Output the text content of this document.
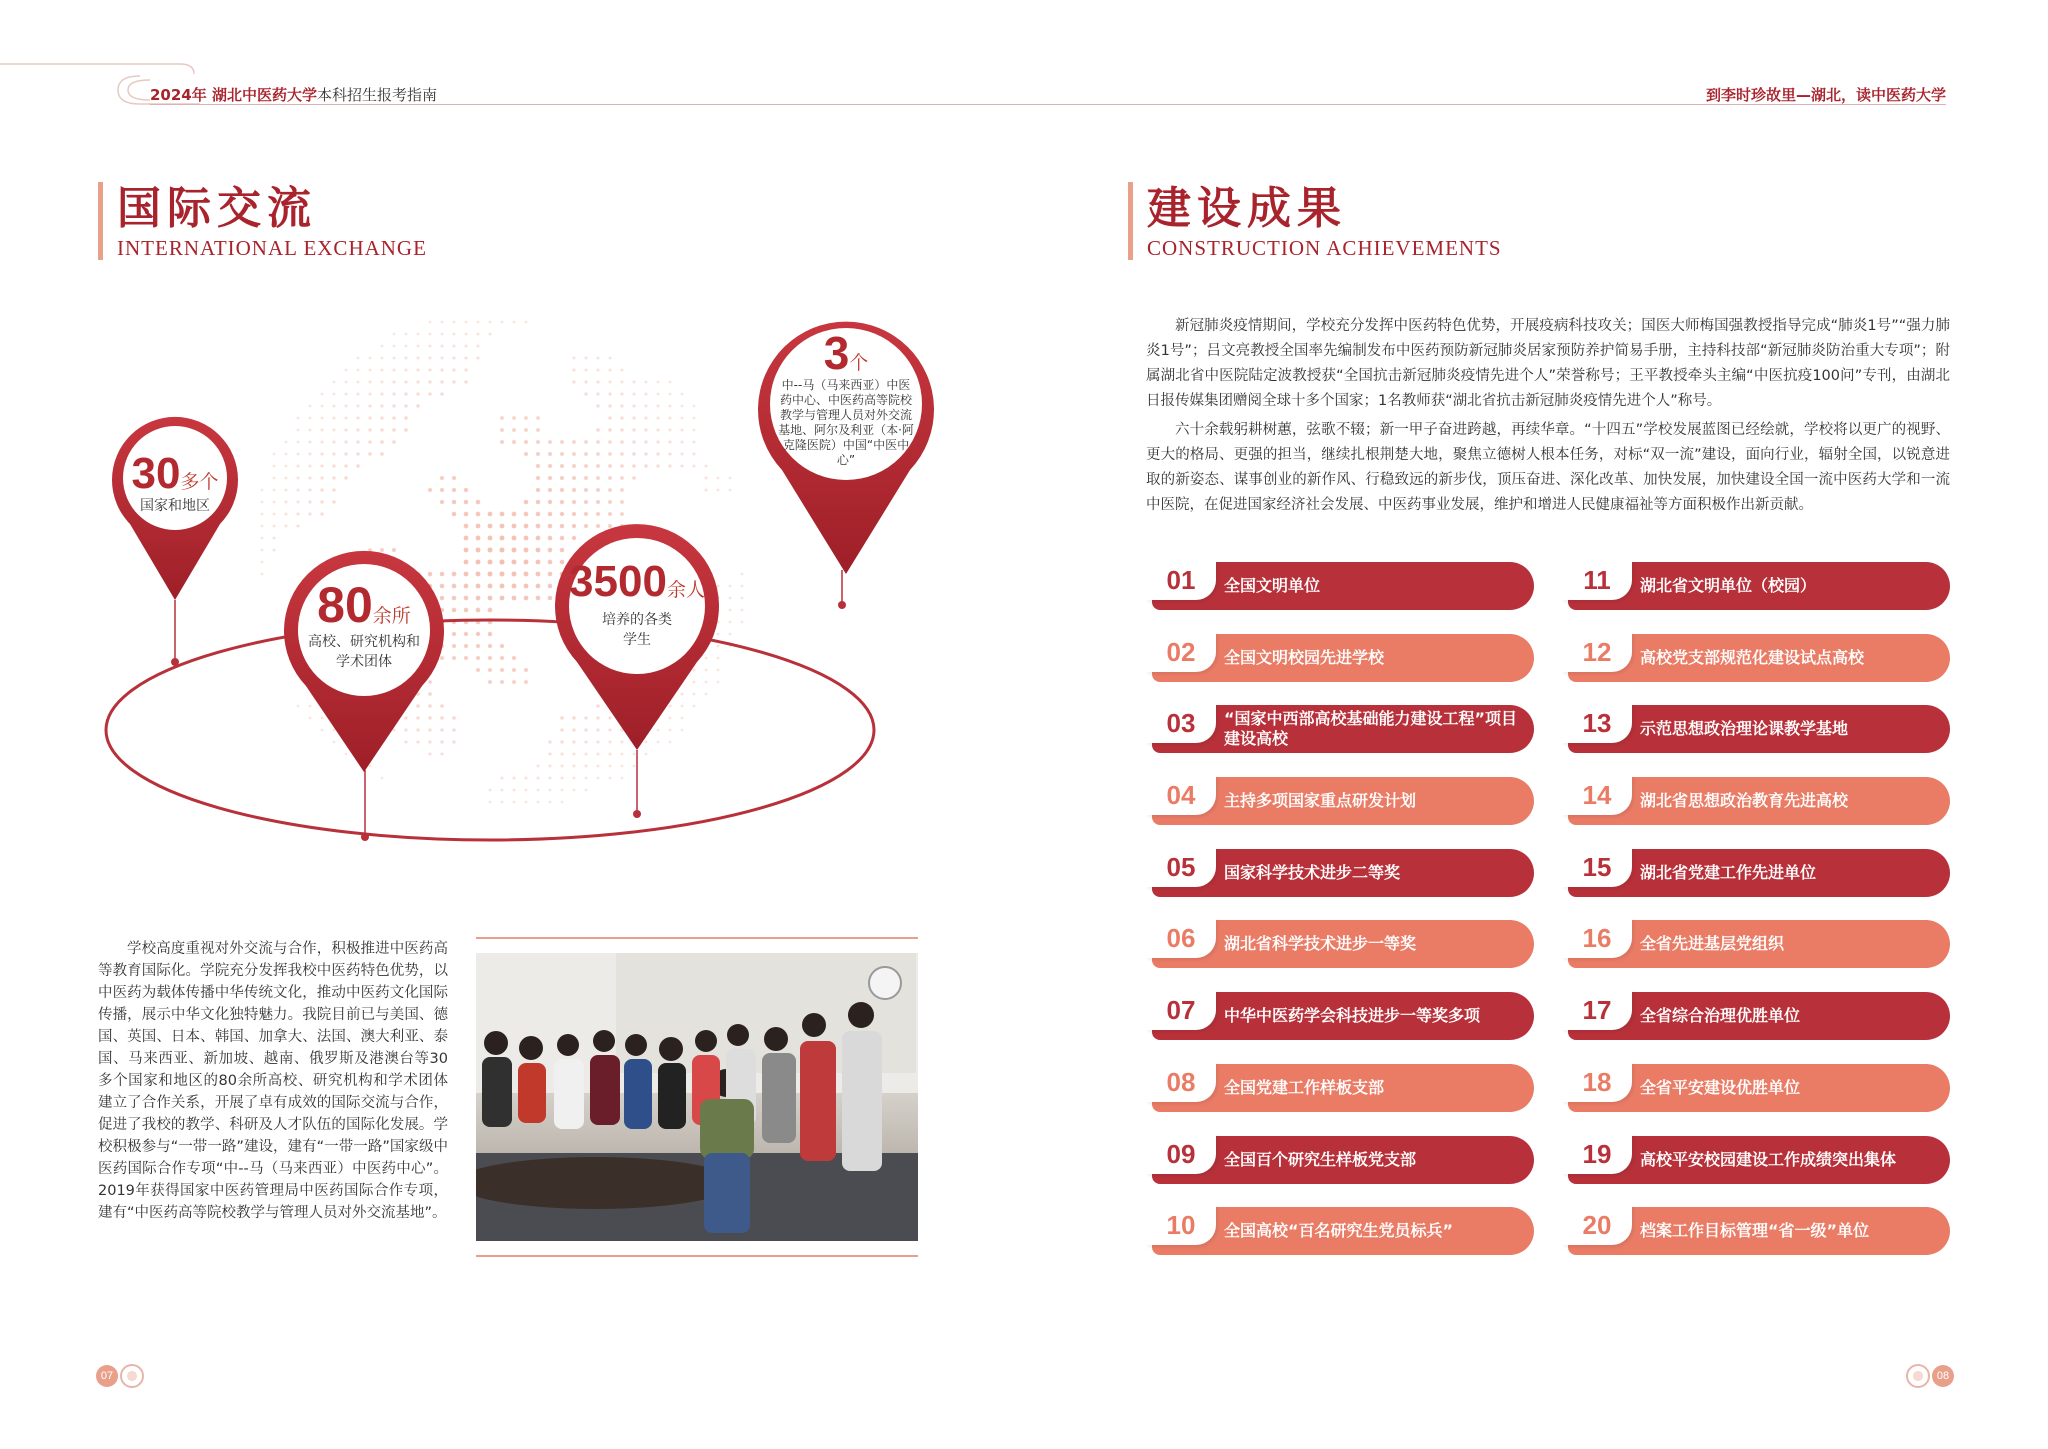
2024年 湖北中医药大学本科招生报考指南	到李时珍故里—湖北，读中医药大学
国际交流
INTERNATIONAL EXCHANGE
30多个
国家和地区
80余所
高校、研究机构和学术团体
3500余人
培养的各类学生
3个
中--马（马来西亚）中医药中心、中医药高等院校教学与管理人员对外交流基地、阿尔及利亚（本·阿克隆医院）中国“中医中心”
学校高度重视对外交流与合作，积极推进中医药高等教育国际化。学院充分发挥我校中医药特色优势，以中医药为载体传播中华传统文化，推动中医药文化国际传播，展示中华文化独特魅力。我院目前已与美国、德国、英国、日本、韩国、加拿大、法国、澳大利亚、泰国、马来西亚、新加坡、越南、俄罗斯及港澳台等30多个国家和地区的80余所高校、研究机构和学术团体建立了合作关系，开展了卓有成效的国际交流与合作，促进了我校的教学、科研及人才队伍的国际化发展。学校积极参与“一带一路”建设，建有“一带一路”国家级中医药国际合作专项“中--马（马来西亚）中医药中心”。2019年获得国家中医药管理局中医药国际合作专项，建有“中医药高等院校教学与管理人员对外交流基地”。
建设成果
CONSTRUCTION ACHIEVEMENTS

新冠肺炎疫情期间，学校充分发挥中医药特色优势，开展疫病科技攻关；国医大师梅国强教授指导完成“肺炎1号”“强力肺炎1号”；吕文亮教授全国率先编制发布中医药预防新冠肺炎居家预防养护简易手册，主持科技部“新冠肺炎防治重大专项”；附属湖北省中医院陆定波教授获“全国抗击新冠肺炎疫情先进个人”荣誉称号；王平教授牵头主编“中医抗疫100问”专刊，由湖北日报传媒集团赠阅全球十多个国家；1名教师获“湖北省抗击新冠肺炎疫情先进个人”称号。

六十余载躬耕树蕙，弦歌不辍；新一甲子奋进跨越，再续华章。“十四五”学校发展蓝图已经绘就，学校将以更广的视野、更大的格局、更强的担当，继续扎根荆楚大地，聚焦立德树人根本任务，对标“双一流”建设，面向行业，辐射全国，以锐意进取的新姿态、谋事创业的新作风、行稳致远的新步伐，顶压奋进、深化改革、加快发展，加快建设全国一流中医药大学和一流中医院，在促进国家经济社会发展、中医药事业发展，维护和增进人民健康福祉等方面积极作出新贡献。

全国文明单位
01
全国文明校园先进学校
02
“国家中西部高校基础能力建设工程”项目建设高校
03
主持多项国家重点研发计划
04
国家科学技术进步二等奖
05
湖北省科学技术进步一等奖
06
中华中医药学会科技进步一等奖多项
07
全国党建工作样板支部
08
全国百个研究生样板党支部
09
全国高校“百名研究生党员标兵”
10
湖北省文明单位（校园）
11
高校党支部规范化建设试点高校
12
示范思想政治理论课教学基地
13
湖北省思想政治教育先进高校
14
湖北省党建工作先进单位
15
全省先进基层党组织
16
全省综合治理优胜单位
17
全省平安建设优胜单位
18
高校平安校园建设工作成绩突出集体
19
档案工作目标管理“省一级”单位
20
07	08
